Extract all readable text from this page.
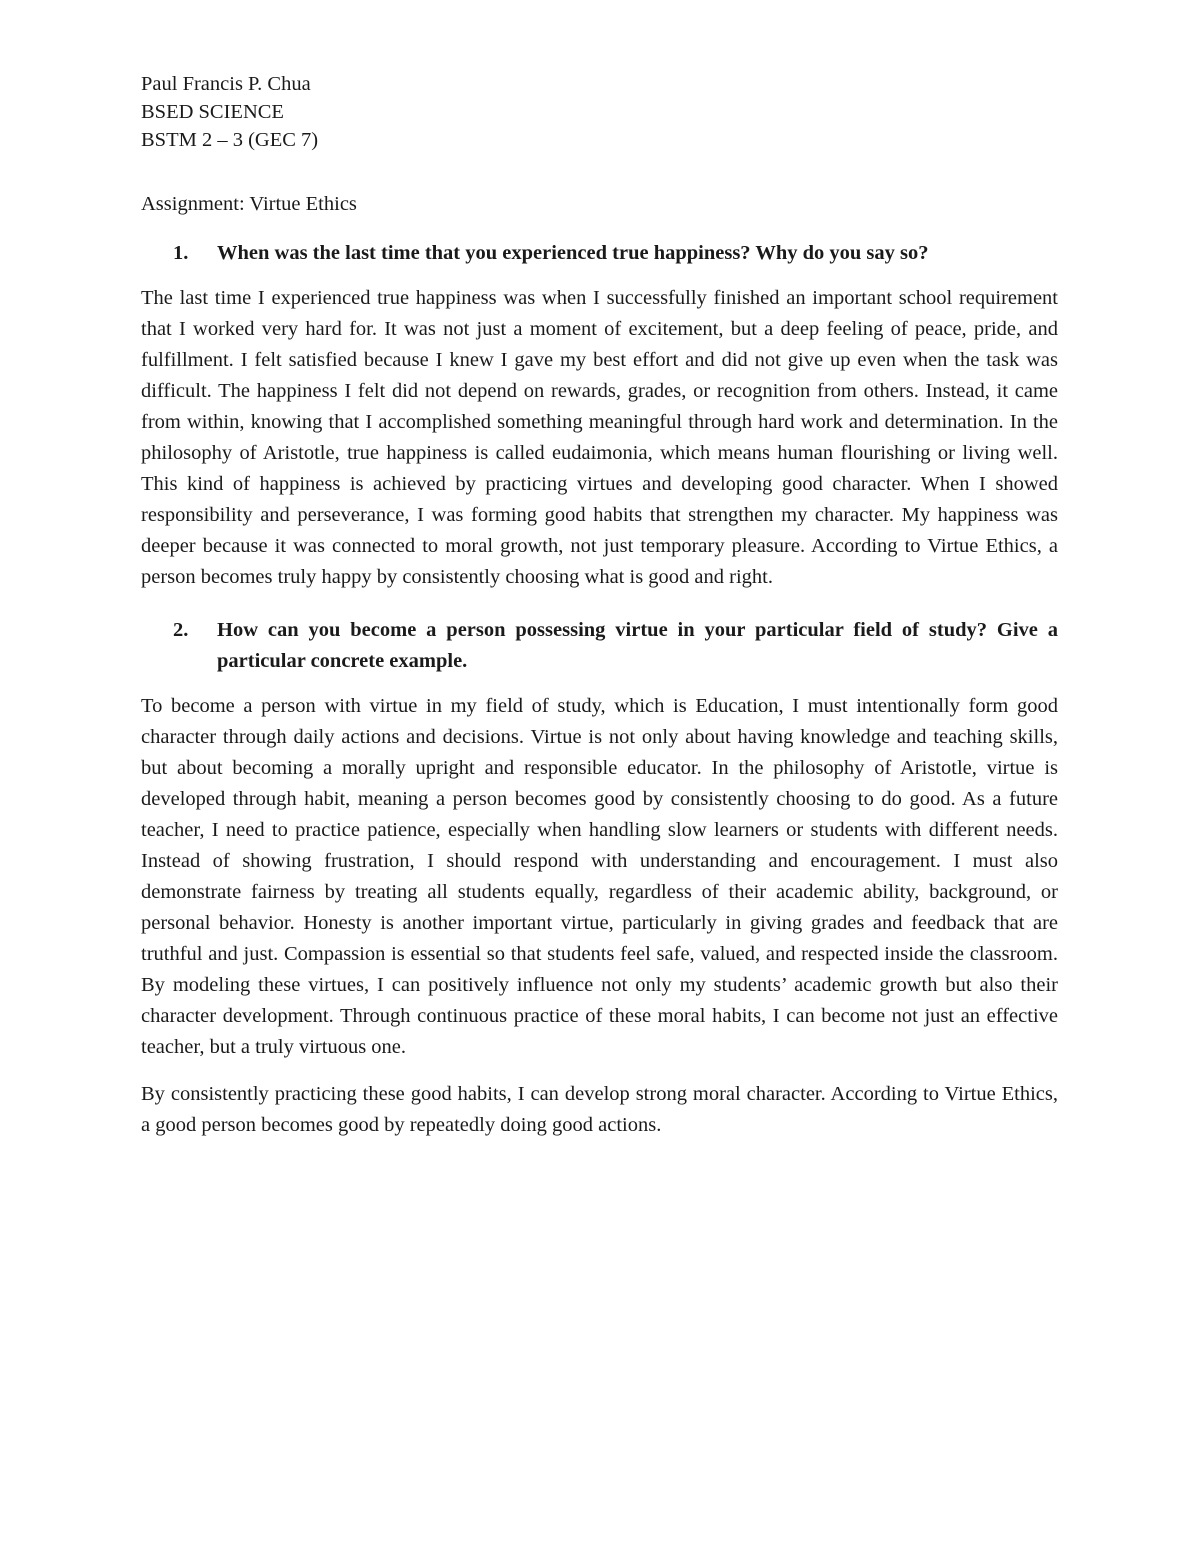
Paul Francis P. Chua

BSED SCIENCE

BSTM 2 – 3 (GEC 7)

Assignment: Virtue Ethics

1.	When was the last time that you experienced true happiness? Why do you say so?

The last time I experienced true happiness was when I successfully finished an important school requirement that I worked very hard for. It was not just a moment of excitement, but a deep feeling of peace, pride, and fulfillment. I felt satisfied because I knew I gave my best effort and did not give up even when the task was difficult. The happiness I felt did not depend on rewards, grades, or recognition from others. Instead, it came from within, knowing that I accomplished something meaningful through hard work and determination. In the philosophy of Aristotle, true happiness is called eudaimonia, which means human flourishing or living well. This kind of happiness is achieved by practicing virtues and developing good character. When I showed responsibility and perseverance, I was forming good habits that strengthen my character. My happiness was deeper because it was connected to moral growth, not just temporary pleasure. According to Virtue Ethics, a person becomes truly happy by consistently choosing what is good and right.

2.	How can you become a person possessing virtue in your particular field of study? Give a particular concrete example.

To become a person with virtue in my field of study, which is Education, I must intentionally form good character through daily actions and decisions. Virtue is not only about having knowledge and teaching skills, but about becoming a morally upright and responsible educator. In the philosophy of Aristotle, virtue is developed through habit, meaning a person becomes good by consistently choosing to do good. As a future teacher, I need to practice patience, especially when handling slow learners or students with different needs. Instead of showing frustration, I should respond with understanding and encouragement. I must also demonstrate fairness by treating all students equally, regardless of their academic ability, background, or personal behavior. Honesty is another important virtue, particularly in giving grades and feedback that are truthful and just. Compassion is essential so that students feel safe, valued, and respected inside the classroom. By modeling these virtues, I can positively influence not only my students’ academic growth but also their character development. Through continuous practice of these moral habits, I can become not just an effective teacher, but a truly virtuous one.

By consistently practicing these good habits, I can develop strong moral character. According to Virtue Ethics, a good person becomes good by repeatedly doing good actions.
